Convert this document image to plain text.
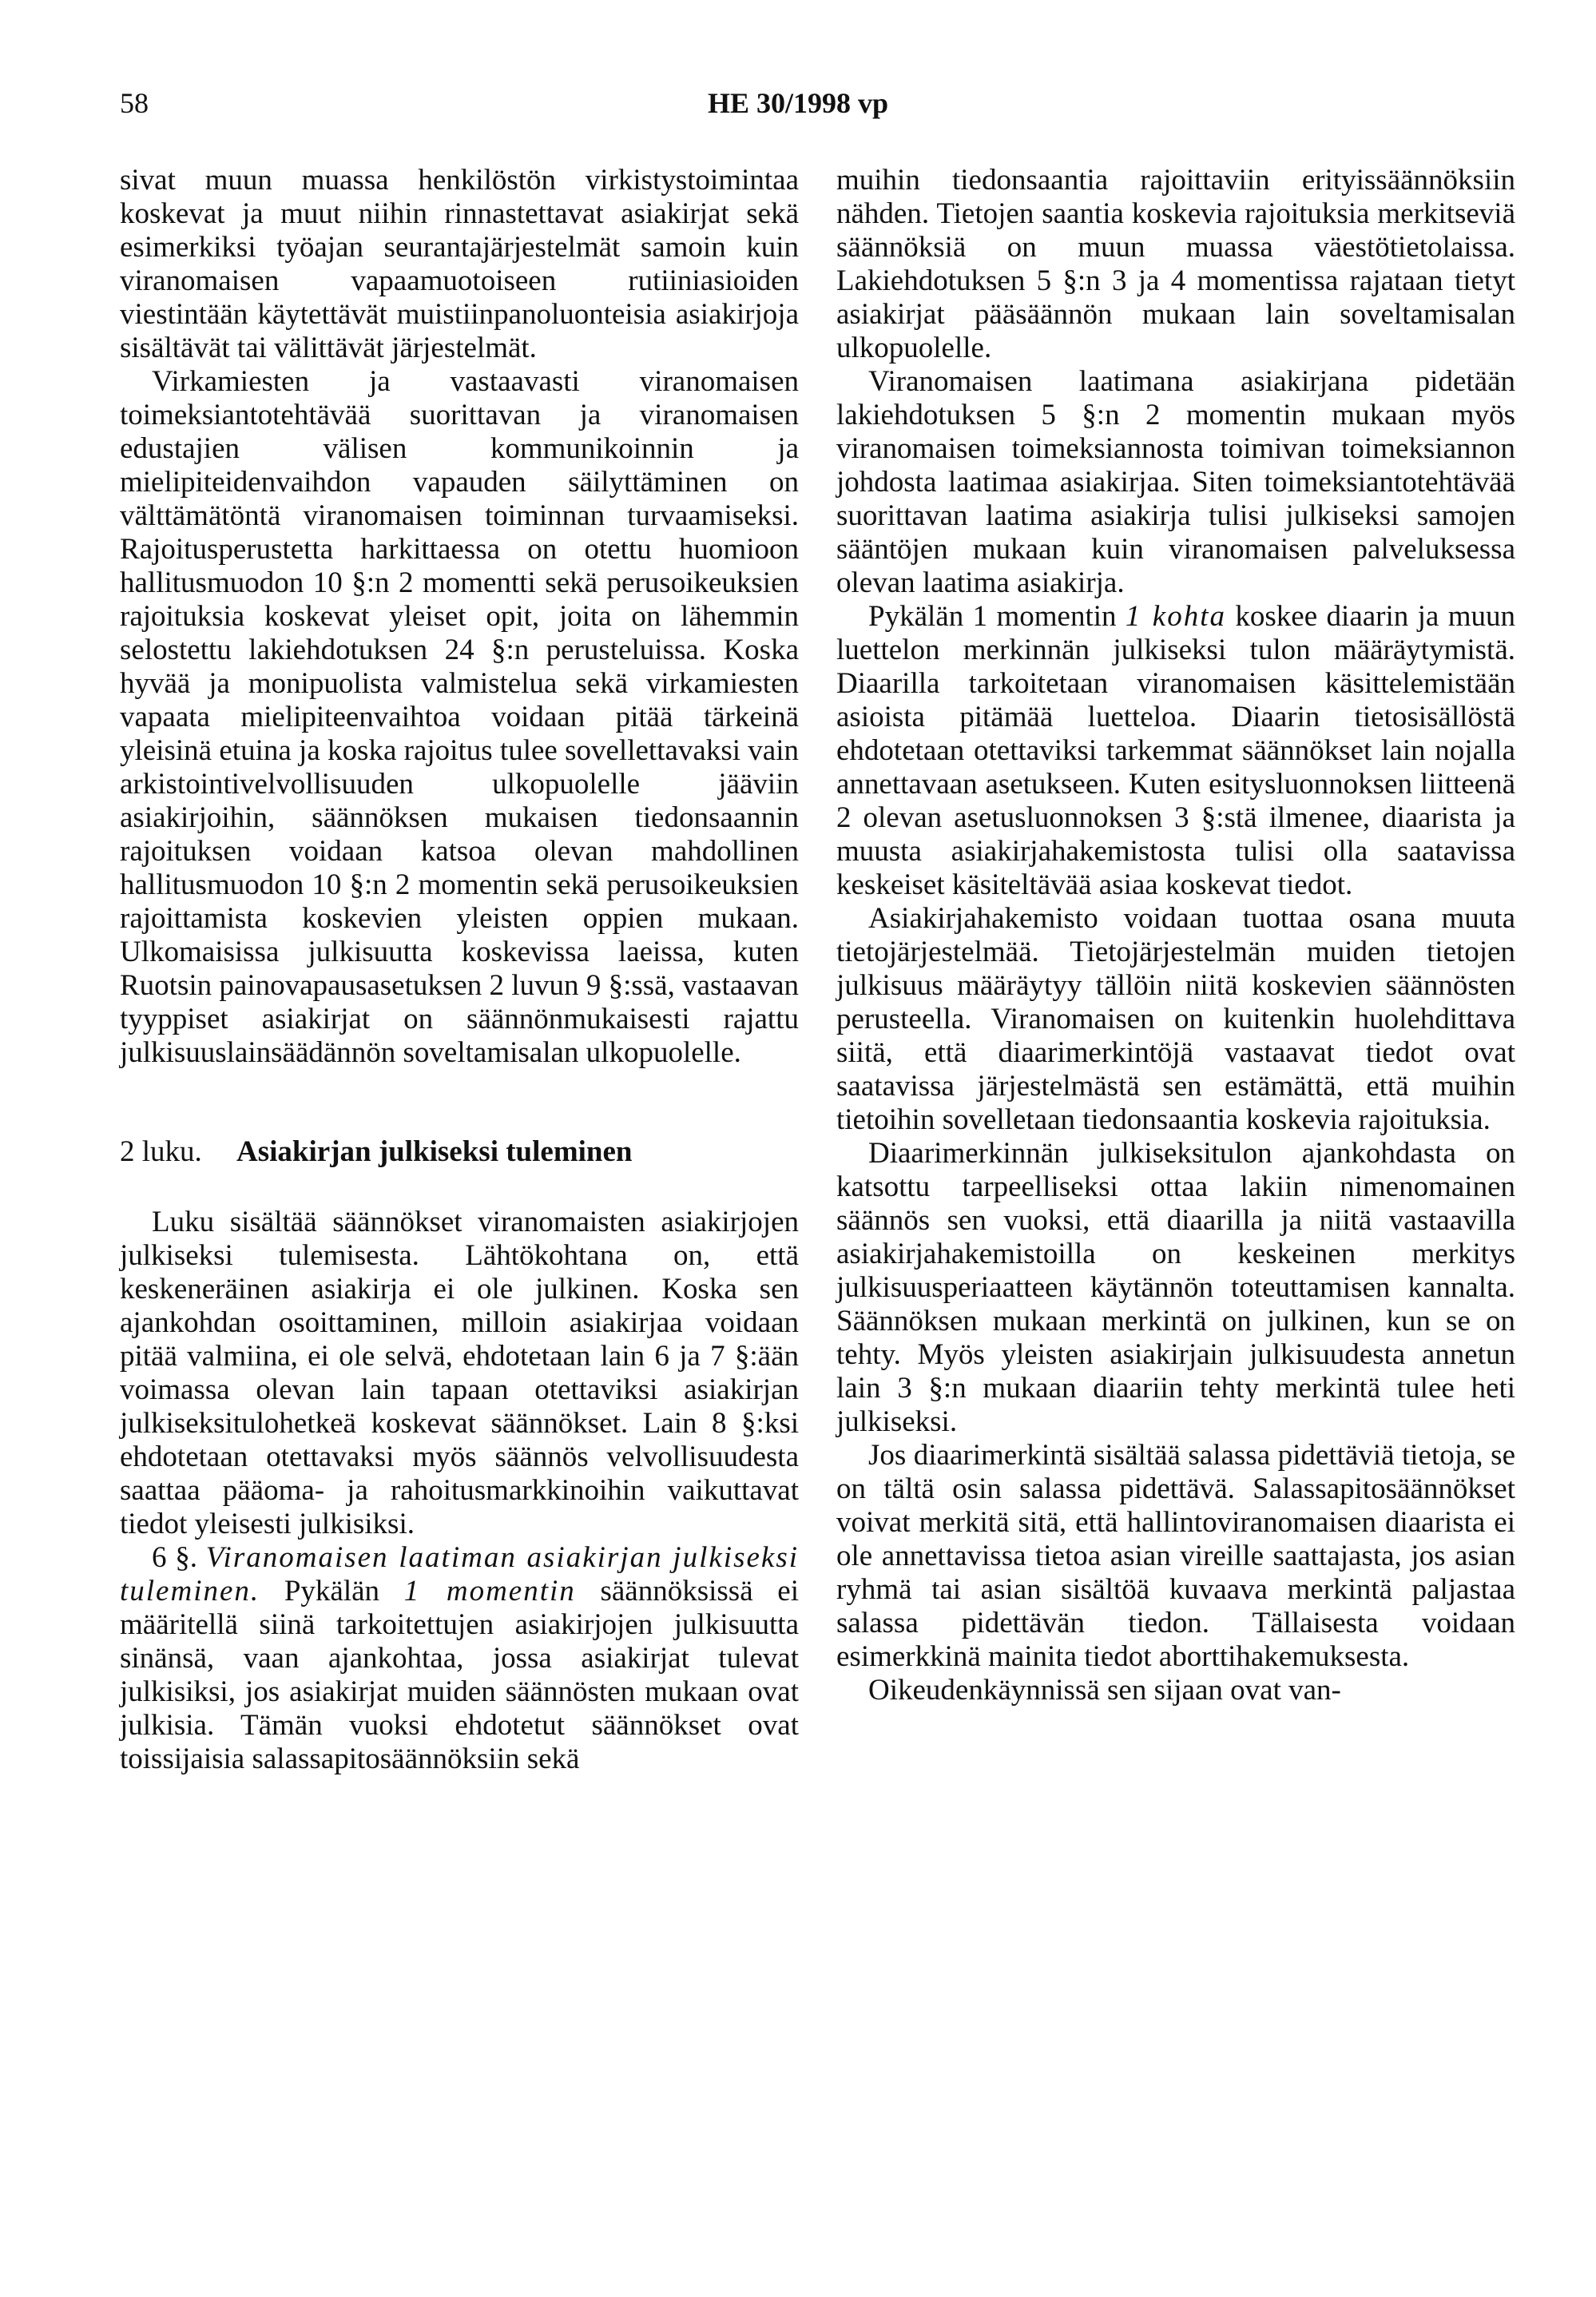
58	HE 30/1998 vp

sivat muun muassa henkilöstön virkistystoimintaa koskevat ja muut niihin rinnastettavat asiakirjat sekä esimerkiksi työajan seurantajärjestelmät samoin kuin viranomaisen vapaamuotoiseen rutiiniasioiden viestintään käytettävät muistiinpanoluonteisia asiakirjoja sisältävät tai välittävät järjestelmät.

Virkamiesten ja vastaavasti viranomaisen toimeksiantotehtävää suorittavan ja viranomaisen edustajien välisen kommunikoinnin ja mielipiteidenvaihdon vapauden säilyttäminen on välttämätöntä viranomaisen toiminnan turvaamiseksi. Rajoitusperustetta harkittaessa on otettu huomioon hallitusmuodon 10 §:n 2 momentti sekä perusoikeuksien rajoituksia koskevat yleiset opit, joita on lähemmin selostettu lakiehdotuksen 24 §:n perusteluissa. Koska hyvää ja monipuolista valmistelua sekä virkamiesten vapaata mielipiteenvaihtoa voidaan pitää tärkeinä yleisinä etuina ja koska rajoitus tulee sovellettavaksi vain arkistointivelvollisuuden ulkopuolelle jääviin asiakirjoihin, säännöksen mukaisen tiedonsaannin rajoituksen voidaan katsoa olevan mahdollinen hallitusmuodon 10 §:n 2 momentin sekä perusoikeuksien rajoittamista koskevien yleisten oppien mukaan. Ulkomaisissa julkisuutta koskevissa laeissa, kuten Ruotsin painovapausasetuksen 2 luvun 9 §:ssä, vastaavan tyyppiset asiakirjat on säännönmukaisesti rajattu julkisuuslainsäädännön soveltamisalan ulkopuolelle.

2 luku. Asiakirjan julkiseksi tuleminen

Luku sisältää säännökset viranomaisten asiakirjojen julkiseksi tulemisesta. Lähtökohtana on, että keskeneräinen asiakirja ei ole julkinen. Koska sen ajankohdan osoittaminen, milloin asiakirjaa voidaan pitää valmiina, ei ole selvä, ehdotetaan lain 6 ja 7 §:ään voimassa olevan lain tapaan otettaviksi asiakirjan julkiseksitulohetkeä koskevat säännökset. Lain 8 §:ksi ehdotetaan otettavaksi myös säännös velvollisuudesta saattaa pääoma- ja rahoitusmarkkinoihin vaikuttavat tiedot yleisesti julkisiksi.

6 §. Viranomaisen laatiman asiakirjan julkiseksi tuleminen. Pykälän 1 momentin säännöksissä ei määritellä siinä tarkoitettujen asiakirjojen julkisuutta sinänsä, vaan ajankohtaa, jossa asiakirjat tulevat julkisiksi, jos asiakirjat muiden säännösten mukaan ovat julkisia. Tämän vuoksi ehdotetut säännökset ovat toissijaisia salassapitosäännöksiin sekä

muihin tiedonsaantia rajoittaviin erityissäännöksiin nähden. Tietojen saantia koskevia rajoituksia merkitseviä säännöksiä on muun muassa väestötietolaissa. Lakiehdotuksen 5 §:n 3 ja 4 momentissa rajataan tietyt asiakirjat pääsäännön mukaan lain soveltamisalan ulkopuolelle.

Viranomaisen laatimana asiakirjana pidetään lakiehdotuksen 5 §:n 2 momentin mukaan myös viranomaisen toimeksiannosta toimivan toimeksiannon johdosta laatimaa asiakirjaa. Siten toimeksiantotehtävää suorittavan laatima asiakirja tulisi julkiseksi samojen sääntöjen mukaan kuin viranomaisen palveluksessa olevan laatima asiakirja.

Pykälän 1 momentin 1 kohta koskee diaarin ja muun luettelon merkinnän julkiseksi tulon määräytymistä. Diaarilla tarkoitetaan viranomaisen käsittelemistään asioista pitämää luetteloa. Diaarin tietosisällöstä ehdotetaan otettaviksi tarkemmat säännökset lain nojalla annettavaan asetukseen. Kuten esitysluonnoksen liitteenä 2 olevan asetusluonnoksen 3 §:stä ilmenee, diaarista ja muusta asiakirjahakemistosta tulisi olla saatavissa keskeiset käsiteltävää asiaa koskevat tiedot.

Asiakirjahakemisto voidaan tuottaa osana muuta tietojärjestelmää. Tietojärjestelmän muiden tietojen julkisuus määräytyy tällöin niitä koskevien säännösten perusteella. Viranomaisen on kuitenkin huolehdittava siitä, että diaarimerkintöjä vastaavat tiedot ovat saatavissa järjestelmästä sen estämättä, että muihin tietoihin sovelletaan tiedonsaantia koskevia rajoituksia.

Diaarimerkinnän julkiseksitulon ajankohdasta on katsottu tarpeelliseksi ottaa lakiin nimenomainen säännös sen vuoksi, että diaarilla ja niitä vastaavilla asiakirjahakemistoilla on keskeinen merkitys julkisuusperiaatteen käytännön toteuttamisen kannalta. Säännöksen mukaan merkintä on julkinen, kun se on tehty. Myös yleisten asiakirjain julkisuudesta annetun lain 3 §:n mukaan diaariin tehty merkintä tulee heti julkiseksi.

Jos diaarimerkintä sisältää salassa pidettäviä tietoja, se on tältä osin salassa pidettävä. Salassapitosäännökset voivat merkitä sitä, että hallintoviranomaisen diaarista ei ole annettavissa tietoa asian vireille saattajasta, jos asian ryhmä tai asian sisältöä kuvaava merkintä paljastaa salassa pidettävän tiedon. Tällaisesta voidaan esimerkkinä mainita tiedot aborttihakemuksesta.

Oikeudenkäynnissä sen sijaan ovat van-
